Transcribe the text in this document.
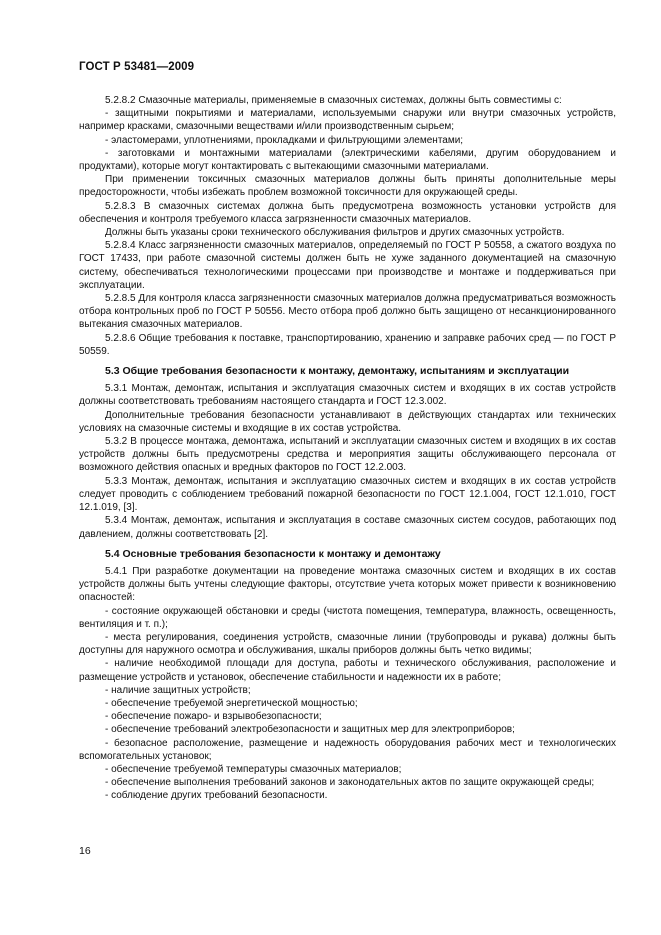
ГОСТ Р 53481—2009

5.2.8.2 Смазочные материалы, применяемые в смазочных системах, должны быть совместимы с:

- защитными покрытиями и материалами, используемыми снаружи или внутри смазочных устройств, например красками, смазочными веществами и/или производственным сырьем;

- эластомерами, уплотнениями, прокладками и фильтрующими элементами;

- заготовками и монтажными материалами (электрическими кабелями, другим оборудованием и продуктами), которые могут контактировать с вытекающими смазочными материалами.

При применении токсичных смазочных материалов должны быть приняты дополнительные меры предосторожности, чтобы избежать проблем возможной токсичности для окружающей среды.

5.2.8.3 В смазочных системах должна быть предусмотрена возможность установки устройств для обеспечения и контроля требуемого класса загрязненности смазочных материалов.

Должны быть указаны сроки технического обслуживания фильтров и других смазочных устройств.

5.2.8.4 Класс загрязненности смазочных материалов, определяемый по ГОСТ Р 50558, а сжатого воздуха по ГОСТ 17433, при работе смазочной системы должен быть не хуже заданного документацией на смазочную систему, обеспечиваться технологическими процессами при производстве и монтаже и поддерживаться при эксплуатации.

5.2.8.5 Для контроля класса загрязненности смазочных материалов должна предусматриваться возможность отбора контрольных проб по ГОСТ Р 50556. Место отбора проб должно быть защищено от несанкционированного вытекания смазочных материалов.

5.2.8.6 Общие требования к поставке, транспортированию, хранению и заправке рабочих сред — по ГОСТ Р 50559.

5.3 Общие требования безопасности к монтажу, демонтажу, испытаниям и эксплуатации

5.3.1 Монтаж, демонтаж, испытания и эксплуатация смазочных систем и входящих в их состав устройств должны соответствовать требованиям настоящего стандарта и ГОСТ 12.3.002.

Дополнительные требования безопасности устанавливают в действующих стандартах или технических условиях на смазочные системы и входящие в их состав устройства.

5.3.2 В процессе монтажа, демонтажа, испытаний и эксплуатации смазочных систем и входящих в их состав устройств должны быть предусмотрены средства и мероприятия защиты обслуживающего персонала от возможного действия опасных и вредных факторов по ГОСТ 12.2.003.

5.3.3 Монтаж, демонтаж, испытания и эксплуатацию смазочных систем и входящих в их состав устройств следует проводить с соблюдением требований пожарной безопасности по ГОСТ 12.1.004, ГОСТ 12.1.010, ГОСТ 12.1.019, [3].

5.3.4 Монтаж, демонтаж, испытания и эксплуатация в составе смазочных систем сосудов, работающих под давлением, должны соответствовать [2].

5.4 Основные требования безопасности к монтажу и демонтажу

5.4.1 При разработке документации на проведение монтажа смазочных систем и входящих в их состав устройств должны быть учтены следующие факторы, отсутствие учета которых может привести к возникновению опасностей:

- состояние окружающей обстановки и среды (чистота помещения, температура, влажность, освещенность, вентиляция и т. п.);

- места регулирования, соединения устройств, смазочные линии (трубопроводы и рукава) должны быть доступны для наружного осмотра и обслуживания, шкалы приборов должны быть четко видимы;

- наличие необходимой площади для доступа, работы и технического обслуживания, расположение и размещение устройств и установок, обеспечение стабильности и надежности их в работе;

- наличие защитных устройств;

- обеспечение требуемой энергетической мощностью;

- обеспечение пожаро- и взрывобезопасности;

- обеспечение требований электробезопасности и защитных мер для электроприборов;

- безопасное расположение, размещение и надежность оборудования рабочих мест и технологических вспомогательных установок;

- обеспечение требуемой температуры смазочных материалов;

- обеспечение выполнения требований законов и законодательных актов по защите окружающей среды;

- соблюдение других требований безопасности.

16
